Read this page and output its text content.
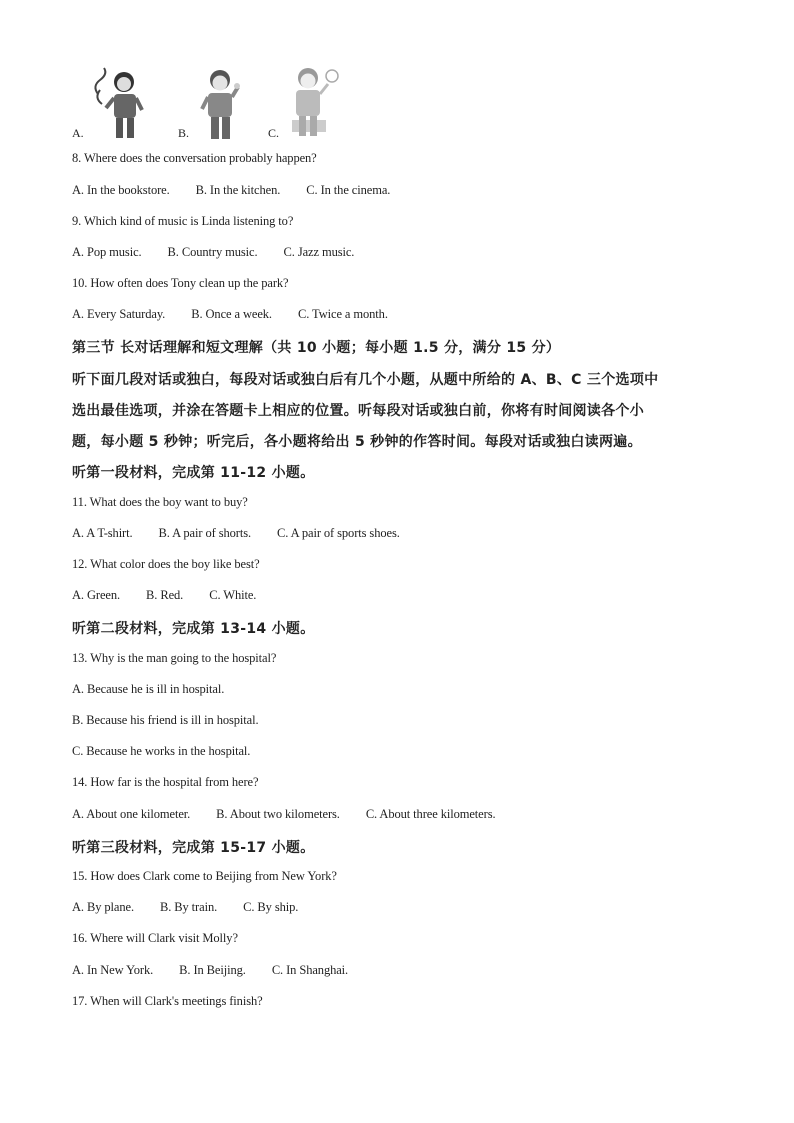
A.	B.	C.
8. Where does the conversation probably happen?
A. In the bookstore. B. In the kitchen. C. In the cinema.
9. Which kind of music is Linda listening to?
A. Pop music. B. Country music. C. Jazz music.
10. How often does Tony clean up the park?
A. Every Saturday. B. Once a week. C. Twice a month.
第三节 长对话理解和短文理解（共 10 小题；每小题 1.5 分，满分 15 分）
听下面几段对话或独白，每段对话或独白后有几个小题，从题中所给的 A、B、C 三个选项中
选出最佳选项，并涂在答题卡上相应的位置。听每段对话或独白前，你将有时间阅读各个小
题，每小题 5 秒钟；听完后，各小题将给出 5 秒钟的作答时间。每段对话或独白读两遍。
听第一段材料，完成第 11-12 小题。
11. What does the boy want to buy?
A. A T-shirt. B. A pair of shorts. C. A pair of sports shoes.
12. What color does the boy like best?
A. Green. B. Red. C. White.
听第二段材料，完成第 13-14 小题。
13. Why is the man going to the hospital?
A. Because he is ill in hospital.
B. Because his friend is ill in hospital.
C. Because he works in the hospital.
14. How far is the hospital from here?
A. About one kilometer. B. About two kilometers. C. About three kilometers.
听第三段材料，完成第 15-17 小题。
15. How does Clark come to Beijing from New York?
A. By plane. B. By train. C. By ship.
16. Where will Clark visit Molly?
A. In New York. B. In Beijing. C. In Shanghai.
17. When will Clark's meetings finish?
